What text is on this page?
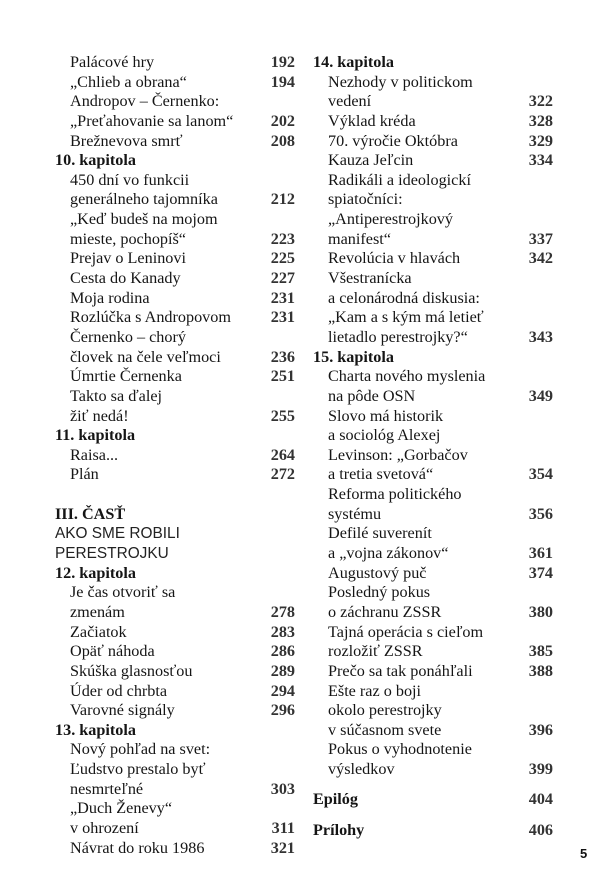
Palácové hry	192
„Chlieb a obrana“	194
Andropov – Černenko:
„Preťahovanie sa lanom“ 202
Brežnevova smrť	208
10. kapitola
450 dní vo funkcii
generálneho tajomníka	212
„Keď budeš na mojom
mieste, pochopíš“	223
Prejav o Leninovi	225
Cesta do Kanady	227
Moja rodina	231
Rozlúčka s Andropovom 231
Černenko – chorý
človek na čele veľmoci	236
Úmrtie Černenka	251
Takto sa ďalej
žiť nedá!	255
11. kapitola
Raisa...	264
Plán	272
III. ČASŤ
AKO SME ROBILI
PERESTROJKU
12. kapitola
Je čas otvoriť sa
zmenám	278
Začiatok	283
Opäť náhoda	286
Skúška glasnosťou	289
Úder od chrbta	294
Varovné signály	296
13. kapitola
Nový pohľad na svet:
Ľudstvo prestalo byť
nesmrteľné	303
„Duch Ženevy“
v ohrození	311
Návrat do roku 1986	321
14. kapitola
Nezhody v politickom
vedení	322
Výklad kréda	328
70. výročie Októbra	329
Kauza Jeľcin	334
Radikáli a ideologickí
spiatočníci:
„Antiperestrojkový
manifest“	337
Revolúcia v hlavách	342
Všestranícka
a celonárodná diskusia:
„Kam a s kým má letieť
lietadlo perestrojky?“	343
15. kapitola
Charta nového myslenia
na pôde OSN	349
Slovo má historik
a sociológ Alexej
Levinson: „Gorbačov
a tretia svetová“	354
Reforma politického
systému	356
Defilé suverenít
a „vojna zákonov“	361
Augustový puč	374
Posledný pokus
o záchranu ZSSR	380
Tajná operácia s cieľom
rozložiť ZSSR	385
Prečo sa tak ponáhľali	388
Ešte raz o boji
okolo perestrojky
v súčasnom svete	396
Pokus o vyhodnotenie
výsledkov	399
Epilóg	404
Prílohy	406
5
